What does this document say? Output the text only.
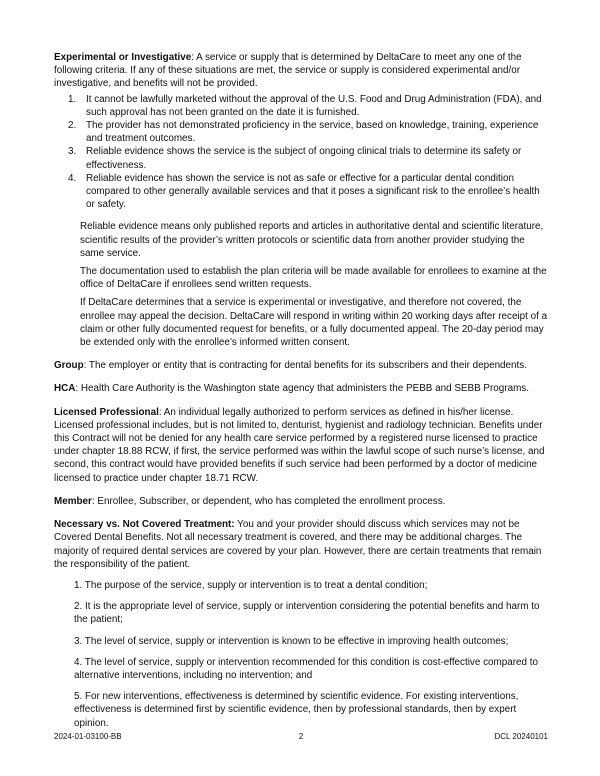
Experimental or Investigative: A service or supply that is determined by DeltaCare to meet any one of the following criteria. If any of these situations are met, the service or supply is considered experimental and/or investigative, and benefits will not be provided.

1. It cannot be lawfully marketed without the approval of the U.S. Food and Drug Administration (FDA), and such approval has not been granted on the date it is furnished.
2. The provider has not demonstrated proficiency in the service, based on knowledge, training, experience and treatment outcomes.
3. Reliable evidence shows the service is the subject of ongoing clinical trials to determine its safety or effectiveness.
4. Reliable evidence has shown the service is not as safe or effective for a particular dental condition compared to other generally available services and that it poses a significant risk to the enrollee’s health or safety.

Reliable evidence means only published reports and articles in authoritative dental and scientific literature, scientific results of the provider’s written protocols or scientific data from another provider studying the same service.

The documentation used to establish the plan criteria will be made available for enrollees to examine at the office of DeltaCare if enrollees send written requests.

If DeltaCare determines that a service is experimental or investigative, and therefore not covered, the enrollee may appeal the decision. DeltaCare will respond in writing within 20 working days after receipt of a claim or other fully documented request for benefits, or a fully documented appeal. The 20-day period may be extended only with the enrollee’s informed written consent.

Group: The employer or entity that is contracting for dental benefits for its subscribers and their dependents.

HCA: Health Care Authority is the Washington state agency that administers the PEBB and SEBB Programs.

Licensed Professional: An individual legally authorized to perform services as defined in his/her license. Licensed professional includes, but is not limited to, denturist, hygienist and radiology technician. Benefits under this Contract will not be denied for any health care service performed by a registered nurse licensed to practice under chapter 18.88 RCW, if first, the service performed was within the lawful scope of such nurse’s license, and second, this contract would have provided benefits if such service had been performed by a doctor of medicine licensed to practice under chapter 18.71 RCW.

Member: Enrollee, Subscriber, or dependent, who has completed the enrollment process.

Necessary vs. Not Covered Treatment: You and your provider should discuss which services may not be Covered Dental Benefits. Not all necessary treatment is covered, and there may be additional charges. The majority of required dental services are covered by your plan. However, there are certain treatments that remain the responsibility of the patient.

1. The purpose of the service, supply or intervention is to treat a dental condition;

2. It is the appropriate level of service, supply or intervention considering the potential benefits and harm to the patient;

3. The level of service, supply or intervention is known to be effective in improving health outcomes;

4. The level of service, supply or intervention recommended for this condition is cost-effective compared to alternative interventions, including no intervention; and

5. For new interventions, effectiveness is determined by scientific evidence. For existing interventions, effectiveness is determined first by scientific evidence, then by professional standards, then by expert opinion.

2024-01-03100-BB	2	DCL 20240101
